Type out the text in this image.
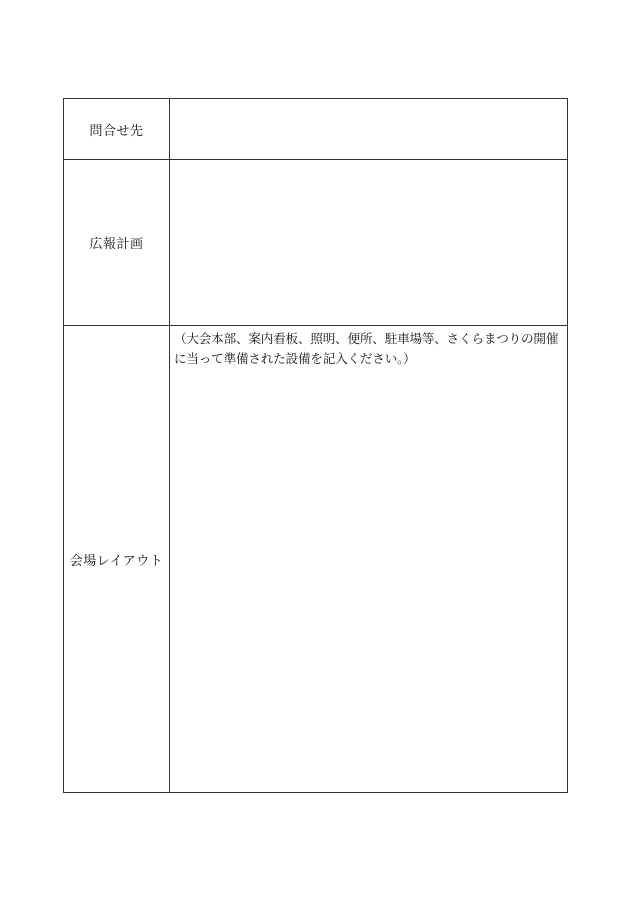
問合せ先	
広報計画	
会場レイアウト	（大会本部、案内看板、照明、便所、駐車場等、さくらまつりの開催に当って準備された設備を記入ください。）
